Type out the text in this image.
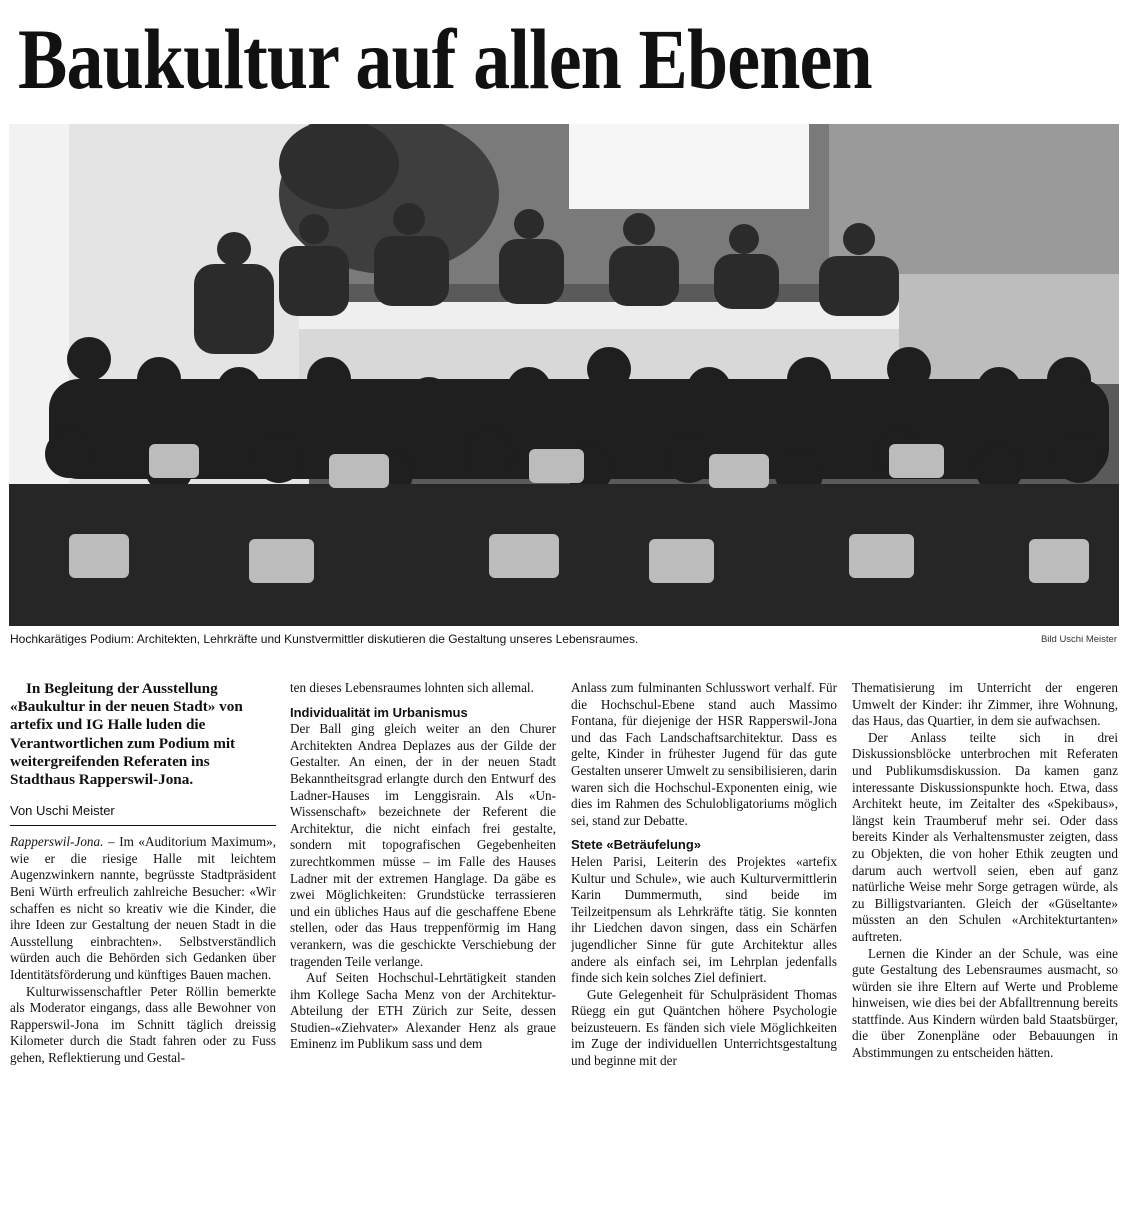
Baukultur auf allen Ebenen
Hochkarätiges Podium: Architekten, Lehrkräfte und Kunstvermittler diskutieren die Gestaltung unseres Lebensraumes.	Bild Uschi Meister

In Begleitung der Ausstellung «Baukultur in der neuen Stadt» von artefix und IG Halle luden die Verantwortlichen zum Podium mit weitergreifenden Referaten ins Stadthaus Rapperswil-Jona.

Von Uschi Meister

Rapperswil-Jona. – Im «Auditorium Maximum», wie er die riesige Halle mit leichtem Augenzwinkern nannte, begrüsste Stadtpräsident Beni Würth erfreulich zahlreiche Besucher: «Wir schaffen es nicht so kreativ wie die Kinder, die ihre Ideen zur Gestaltung der neuen Stadt in die Ausstellung einbrachten». Selbstverständlich würden auch die Behörden sich Gedanken über Identitätsförderung und künftiges Bauen machen.

Kulturwissenschaftler Peter Röllin bemerkte als Moderator eingangs, dass alle Bewohner von Rapperswil-Jona im Schnitt täglich dreissig Kilometer durch die Stadt fahren oder zu Fuss gehen, Reflektierung und Gestal-

ten dieses Lebensraumes lohnten sich allemal.

Individualität im Urbanismus

Der Ball ging gleich weiter an den Churer Architekten Andrea Deplazes aus der Gilde der Gestalter. An einen, der in der neuen Stadt Bekanntheitsgrad erlangte durch den Entwurf des Ladner-Hauses im Lenggisrain. Als «Un-Wissenschaft» bezeichnete der Referent die Architektur, die nicht einfach frei gestalte, sondern mit topografischen Gegebenheiten zurechtkommen müsse – im Falle des Hauses Ladner mit der extremen Hanglage. Da gäbe es zwei Möglichkeiten: Grundstücke terrassieren und ein übliches Haus auf die geschaffene Ebene stellen, oder das Haus treppenförmig im Hang verankern, was die geschickte Verschiebung der tragenden Teile verlange.

Auf Seiten Hochschul-Lehrtätigkeit standen ihm Kollege Sacha Menz von der Architektur-Abteilung der ETH Zürich zur Seite, dessen Studien-«Ziehvater» Alexander Henz als graue Eminenz im Publikum sass und dem

Anlass zum fulminanten Schlusswort verhalf. Für die Hochschul-Ebene stand auch Massimo Fontana, für diejenige der HSR Rapperswil-Jona und das Fach Landschaftsarchitektur. Dass es gelte, Kinder in frühester Jugend für das gute Gestalten unserer Umwelt zu sensibilisieren, darin waren sich die Hochschul-Exponenten einig, wie dies im Rahmen des Schulobligatoriums möglich sei, stand zur Debatte.

Stete «Beträufelung»

Helen Parisi, Leiterin des Projektes «artefix Kultur und Schule», wie auch Kulturvermittlerin Karin Dummermuth, sind beide im Teilzeitpensum als Lehrkräfte tätig. Sie konnten ihr Liedchen davon singen, dass ein Schärfen jugendlicher Sinne für gute Architektur alles andere als einfach sei, im Lehrplan jedenfalls finde sich kein solches Ziel definiert.

Gute Gelegenheit für Schulpräsident Thomas Rüegg ein gut Quäntchen höhere Psychologie beizusteuern. Es fänden sich viele Möglichkeiten im Zuge der individuellen Unterrichtsgestaltung und beginne mit der

Thematisierung im Unterricht der engeren Umwelt der Kinder: ihr Zimmer, ihre Wohnung, das Haus, das Quartier, in dem sie aufwachsen.

Der Anlass teilte sich in drei Diskussionsblöcke unterbrochen mit Referaten und Publikumsdiskussion. Da kamen ganz interessante Diskussionspunkte hoch. Etwa, dass Architekt heute, im Zeitalter des «Spekibaus», längst kein Traumberuf mehr sei. Oder dass bereits Kinder als Verhaltensmuster zeigten, dass zu Objekten, die von hoher Ethik zeugten und darum auch wertvoll seien, eben auf ganz natürliche Weise mehr Sorge getragen würde, als zu Billigstvarianten. Gleich der «Güseltante» müssten an den Schulen «Architekturtanten» auftreten.

Lernen die Kinder an der Schule, was eine gute Gestaltung des Lebensraumes ausmacht, so würden sie ihre Eltern auf Werte und Probleme hinweisen, wie dies bei der Abfalltrennung bereits stattfinde. Aus Kindern würden bald Staatsbürger, die über Zonenpläne oder Bebauungen in Abstimmungen zu entscheiden hätten.
